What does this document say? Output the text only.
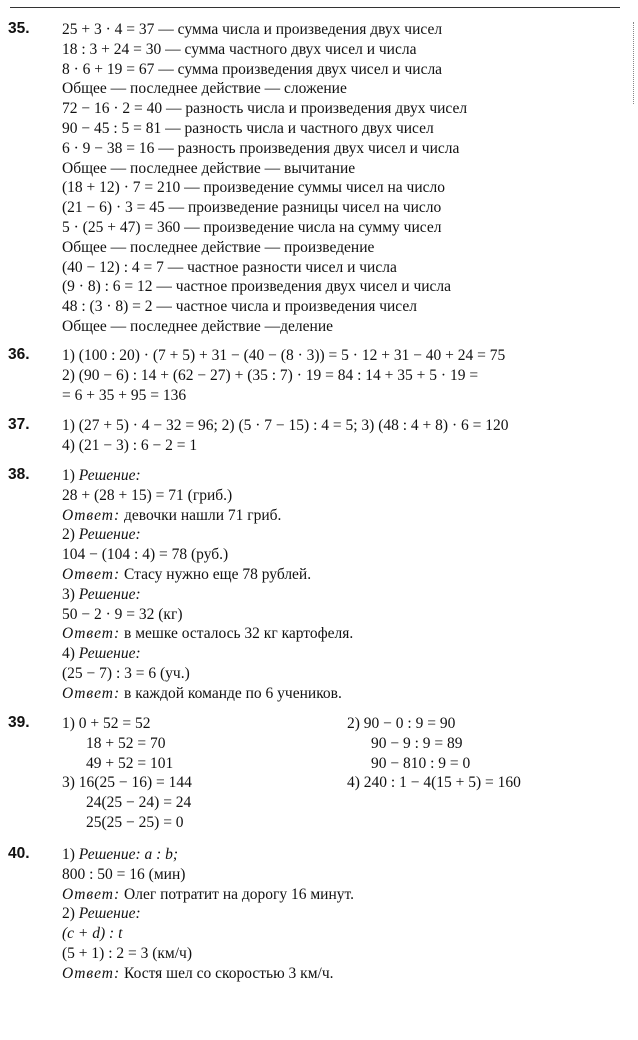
35. 25 + 3 · 4 = 37 — сумма числа и произведения двух чисел
18 : 3 + 24 = 30 — сумма частного двух чисел и числа
8 · 6 + 19 = 67 — сумма произведения двух чисел и числа
Общее — последнее действие — сложение
72 − 16 · 2 = 40 — разность числа и произведения двух чисел
90 − 45 : 5 = 81 — разность числа и частного двух чисел
6 · 9 − 38 = 16 — разность произведения двух чисел и числа
Общее — последнее действие — вычитание
(18 + 12) · 7 = 210 — произведение суммы чисел на число
(21 − 6) · 3 = 45 — произведение разницы чисел на число
5 · (25 + 47) = 360 — произведение числа на сумму чисел
Общее — последнее действие — произведение
(40 − 12) : 4 = 7 — частное разности чисел и числа
(9 · 8) : 6 = 12 — частное произведения двух чисел и числа
48 : (3 · 8) = 2 — частное числа и произведения чисел
Общее — последнее действие —деление
36. 1) (100 : 20) · (7 + 5) + 31 − (40 − (8 · 3)) = 5 · 12 + 31 − 40 + 24 = 75
2) (90 − 6) : 14 + (62 − 27) + (35 : 7) · 19 = 84 : 14 + 35 + 5 · 19 =
= 6 + 35 + 95 = 136
37. 1) (27 + 5) · 4 − 32 = 96; 2) (5 · 7 − 15) : 4 = 5; 3) (48 : 4 + 8) · 6 = 120
4) (21 − 3) : 6 − 2 = 1
38. 1) Решение:
28 + (28 + 15) = 71 (гриб.)
Ответ: девочки нашли 71 гриб.
2) Решение:
104 − (104 : 4) = 78 (руб.)
Ответ: Стасу нужно еще 78 рублей.
3) Решение:
50 − 2 · 9 = 32 (кг)
Ответ: в мешке осталось 32 кг картофеля.
4) Решение:
(25 − 7) : 3 = 6 (уч.)
Ответ: в каждой команде по 6 учеников.
39. 1) 0 + 52 = 52
18 + 52 = 70
49 + 52 = 101
3) 16(25 − 16) = 144
24(25 − 24) = 24
25(25 − 25) = 0
2) 90 − 0 : 9 = 90
90 − 9 : 9 = 89
90 − 810 : 9 = 0
4) 240 : 1 − 4(15 + 5) = 160
40. 1) Решение: a : b;
800 : 50 = 16 (мин)
Ответ: Олег потратит на дорогу 16 минут.
2) Решение:
(c + d) : t
(5 + 1) : 2 = 3 (км/ч)
Ответ: Костя шел со скоростью 3 км/ч.
